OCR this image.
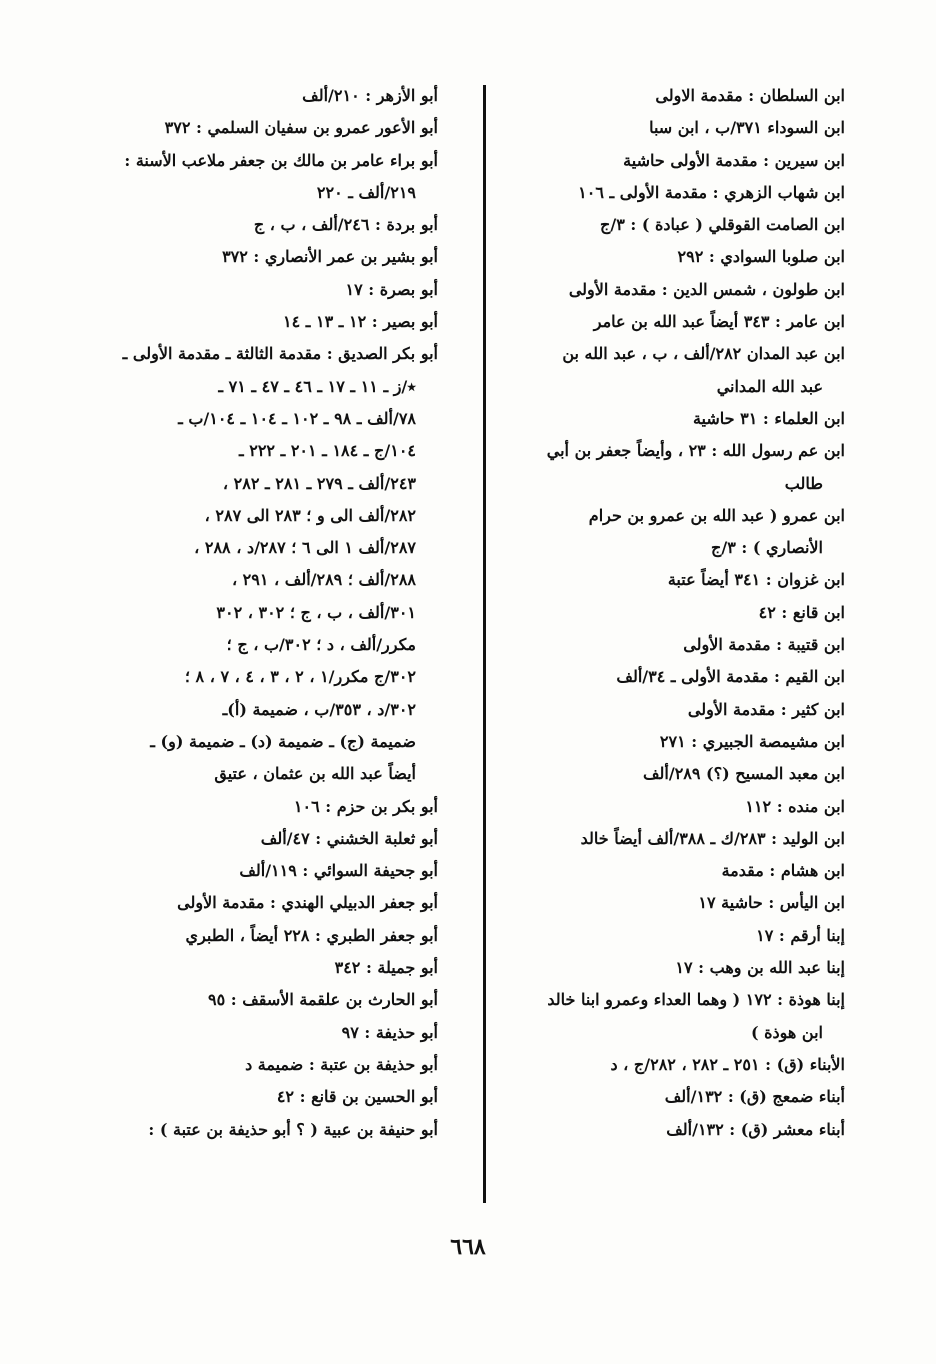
ابن السلطان : مقدمة الاولى
ابن السوداء ٣٧١/ب ، ابن سبا
ابن سيرين : مقدمة الأولى حاشية
ابن شهاب الزهري : مقدمة الأولى ـ ١٠٦
ابن الصامت القوقلي ( عبادة ) : ٣/ج
ابن صلوبا السوادي : ٢٩٢
ابن طولون ، شمس الدين : مقدمة الأولى
ابن عامر : ٣٤٣ أيضاً عبد الله بن عامر
ابن عبد المدان ٢٨٢/ألف ، ب ، عبد الله بن
عبد الله المداني
ابن العلماء : ٣١ حاشية
ابن عم رسول الله : ٢٣ ، وأيضاً جعفر بن أبي
طالب
ابن عمرو ( عبد الله بن عمرو بن حرام
الأنصاري ) : ٣/ج
ابن غزوان : ٣٤١ أيضاً عتبة
ابن قانع : ٤٢
ابن قتيبة : مقدمة الأولى
ابن القيم : مقدمة الأولى ـ ٣٤/ألف
ابن كثير : مقدمة الأولى
ابن مشيمصة الجبيري : ٢٧١
ابن معبد المسيح (؟) ٢٨٩/ألف
ابن منده : ١١٢
ابن الوليد : ٢٨٣/ك ـ ٣٨٨/ألف أيضاً خالد
ابن هشام : مقدمة
ابن اليأس : حاشية ١٧
إبنا أرقم : ١٧
إبنا عبد الله بن وهب : ١٧
إبنا هوذة : ١٧٢ ( وهما العداء وعمرو ابنا خالد
ابن هوذة )
الأبناء (ق) : ٢٥١ ـ ٢٨٢ ، ٢٨٢/ج ، د
أبناء ضمعج (ق) : ١٣٢/ألف
أبناء معشر (ق) : ١٣٢/ألف
أبو الأزهر : ٢١٠/ألف
أبو الأعور عمرو بن سفيان السلمي : ٣٧٢
أبو براء عامر بن مالك بن جعفر ملاعب الأسنة :
٢١٩/ألف ـ ٢٢٠
أبو بردة : ٢٤٦/ألف ، ب ، ج
أبو بشير بن عمر الأنصاري : ٣٧٢
أبو بصرة : ١٧
أبو بصير : ١٢ ـ ١٣ ـ ١٤
أبو بكر الصديق : مقدمة الثالثة ـ مقدمة الأولى ـ
٭/ز ـ ١١ ـ ١٧ ـ ٤٦ ـ ٤٧ ـ ٧١ ـ
٧٨/ألف ـ ٩٨ ـ ١٠٢ ـ ١٠٤ ـ ١٠٤/ب ـ
١٠٤/ج ـ ١٨٤ ـ ٢٠١ ـ ٢٢٢ ـ
٢٤٣/ألف ـ ٢٧٩ ـ ٢٨١ ـ ٢٨٢ ،
٢٨٢/ألف الى و ؛ ٢٨٣ الى ٢٨٧ ،
٢٨٧/ألف ١ الى ٦ ؛ ٢٨٧/د ، ٢٨٨ ،
٢٨٨/ألف ؛ ٢٨٩/ألف ، ٢٩١ ،
٣٠١/ألف ، ب ، ج ؛ ٣٠٢ ، ٣٠٢
مكرر/ألف ، د ؛ ٣٠٢/ب ، ج ؛
٣٠٢/ج مكرر/١ ، ٢ ، ٣ ، ٤ ، ٧ ، ٨ ؛
٣٠٢/د ، ٣٥٣/ب ، ضميمة (أ)ـ
ضميمة (ج) ـ ضميمة (د) ـ ضميمة (و) ـ
أيضاً عبد الله بن عثمان ، عتيق
أبو بكر بن حزم : ١٠٦
أبو ثعلبة الخشني : ٤٧/ألف
أبو جحيفة السوائي : ١١٩/ألف
أبو جعفر الدبيلي الهندي : مقدمة الأولى
أبو جعفر الطبري : ٢٢٨ أيضاً ، الطبري
أبو جميلة : ٣٤٢
أبو الحارث بن علقمة الأسقف : ٩٥
أبو حذيفة : ٩٧
أبو حذيفة بن عتبة : ضميمة د
أبو الحسين بن قانع : ٤٢
أبو حنيفة بن عبية ( ؟ أبو حذيفة بن عتبة ) :
٦٦٨
